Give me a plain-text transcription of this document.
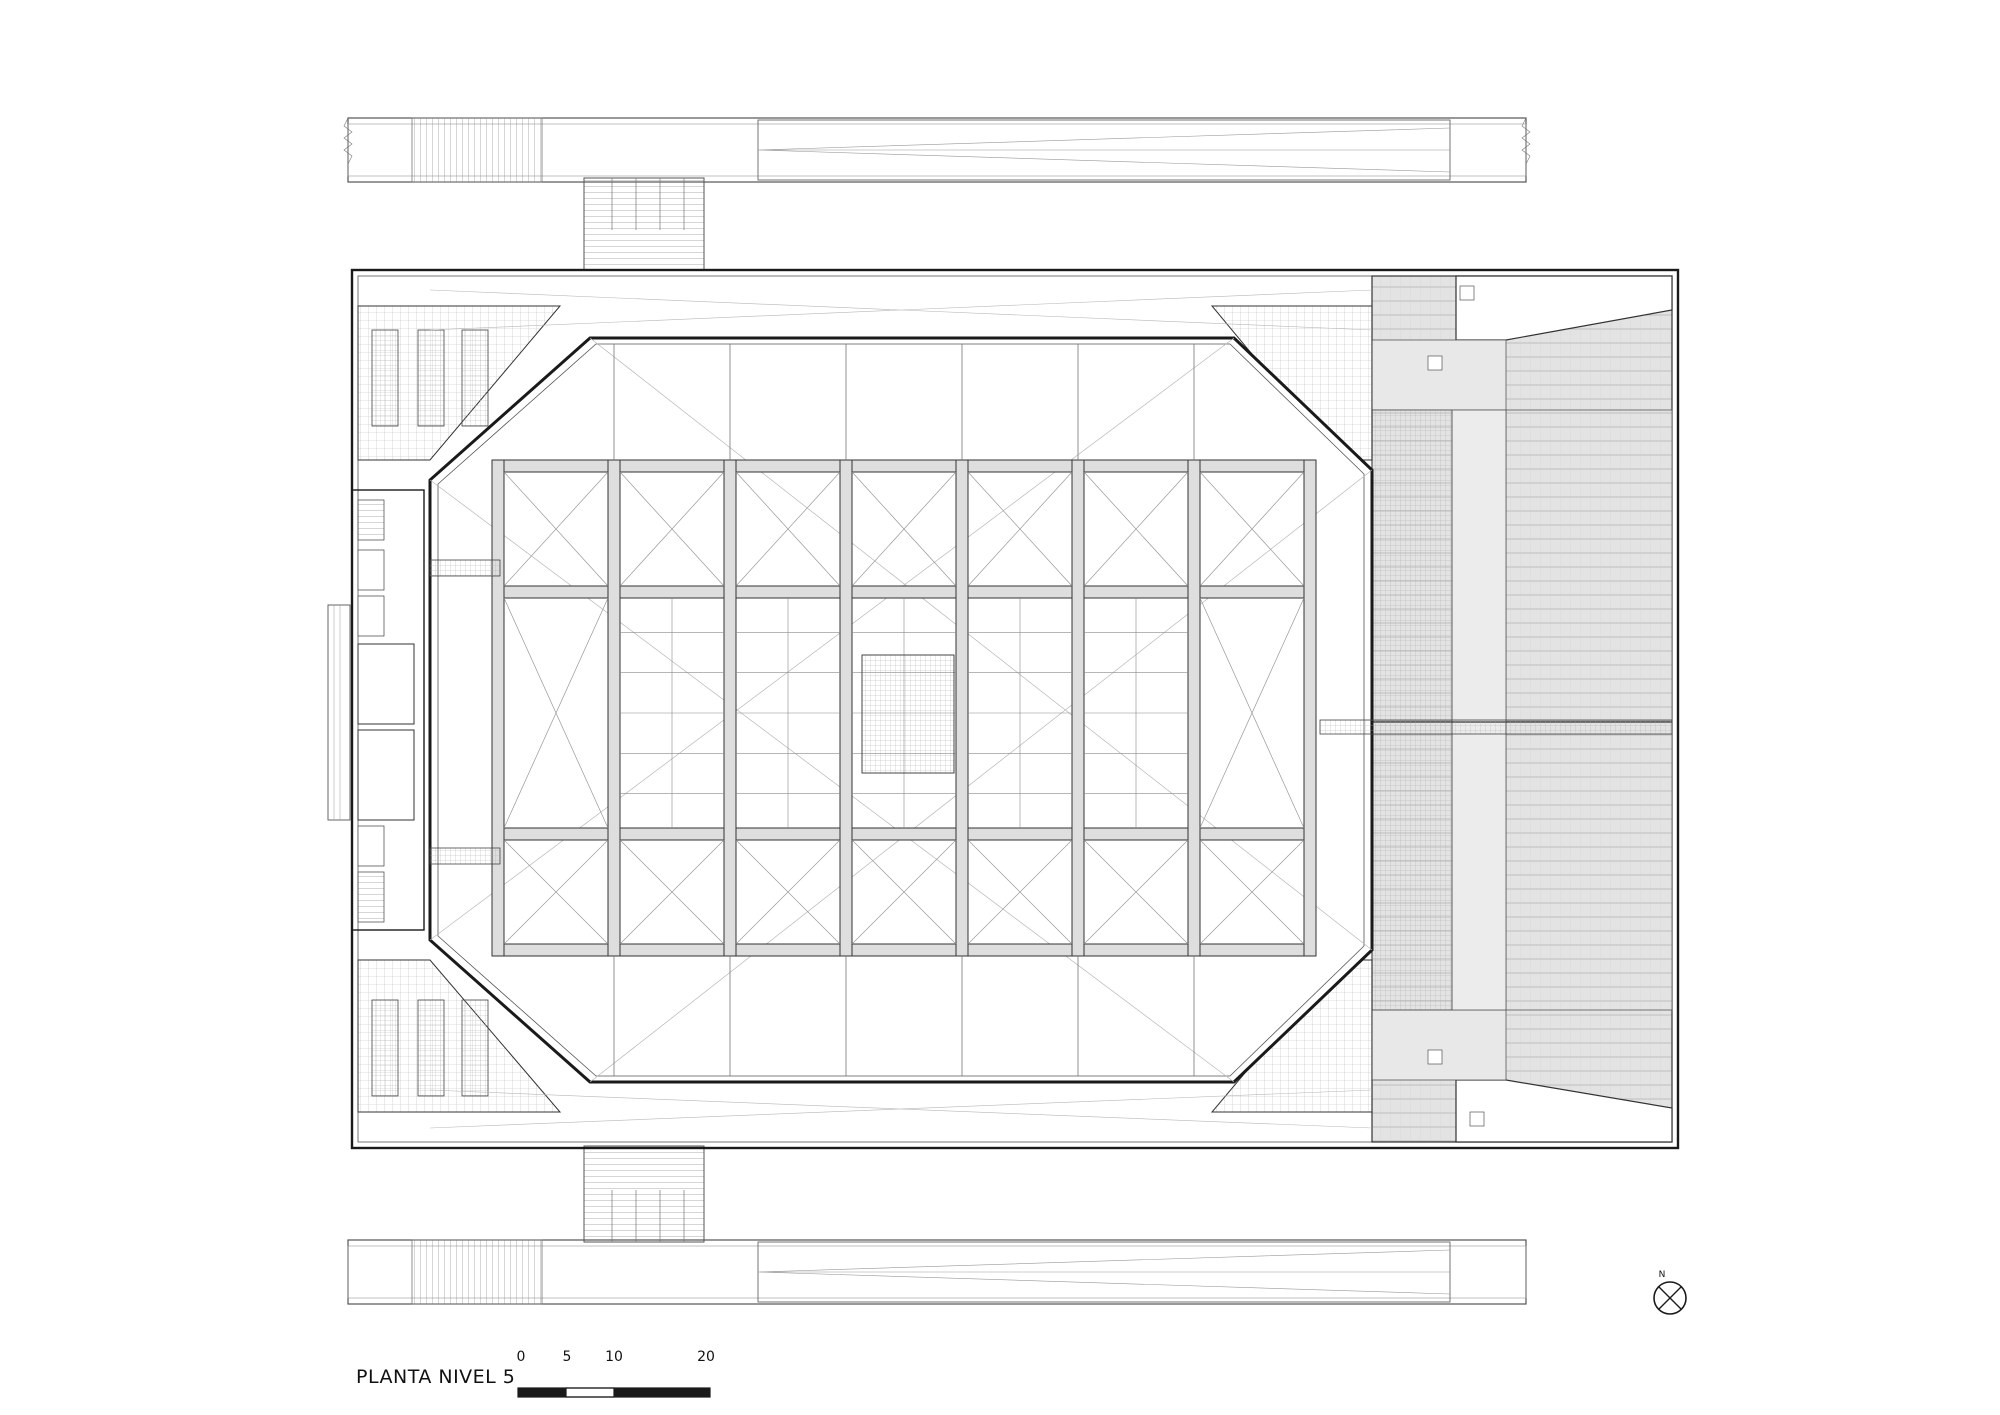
PLANTA NIVEL 5
0	5 10	20
N
